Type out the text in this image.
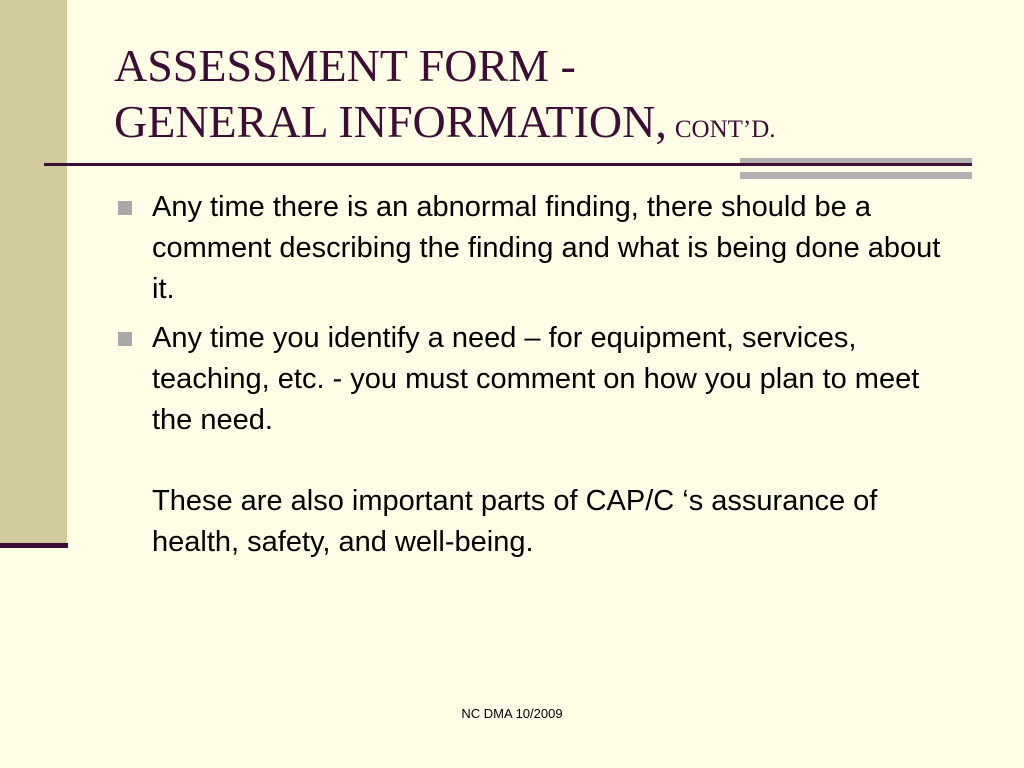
ASSESSMENT FORM -
GENERAL INFORMATION, CONT’D.
Any time there is an abnormal finding, there should be a comment describing the finding and what is being done about it.
Any time you identify a need – for equipment, services, teaching, etc. - you must comment on how you plan to meet the need.
These are also important parts of CAP/C ‘s assurance of health, safety, and well-being.
NC DMA 10/2009
